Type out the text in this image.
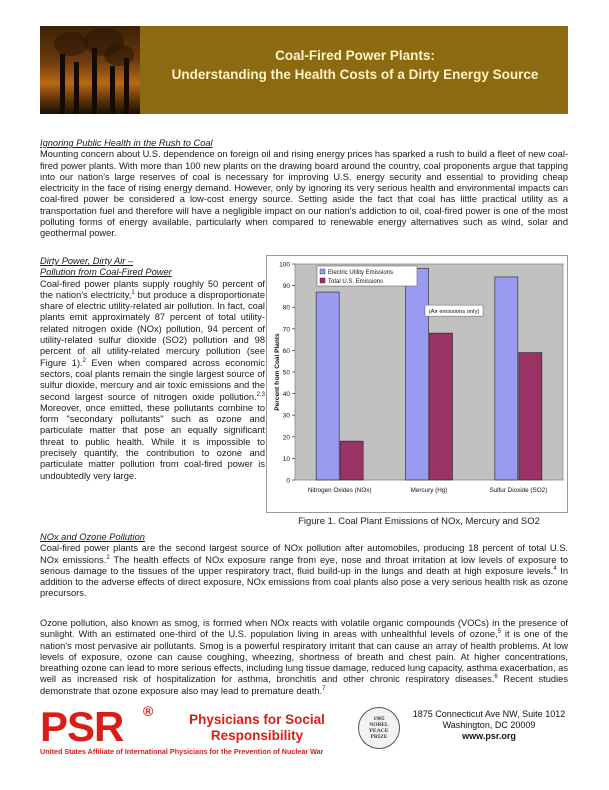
Coal-Fired Power Plants:
Understanding the Health Costs of a Dirty Energy Source
Ignoring Public Health in the Rush to Coal
Mounting concern about U.S. dependence on foreign oil and rising energy prices has sparked a rush to build a fleet of new coal-fired power plants. With more than 100 new plants on the drawing board around the country, coal proponents argue that tapping into our nation's large reserves of coal is necessary for improving U.S. energy security and essential to providing cheap electricity in the face of rising energy demand. However, only by ignoring its very serious health and environmental impacts can coal-fired power be considered a low-cost energy source. Setting aside the fact that coal has little practical utility as a transportation fuel and therefore will have a negligible impact on our nation's addiction to oil, coal-fired power is one of the most polluting forms of energy available, particularly when compared to renewable energy alternatives such as wind, solar and geothermal power.
Dirty Power, Dirty Air –
Pollution from Coal-Fired Power
Coal-fired power plants supply roughly 50 percent of the nation's electricity,$^1$ but produce a disproportionate share of electric utility-related air pollution. In fact, coal plants emit approximately 87 percent of total utility-related nitrogen oxide (NOx) pollution, 94 percent of utility-related sulfur dioxide (SO2) pollution and 98 percent of all utility-related mercury pollution (see Figure 1).$^2$ Even when compared across economic sectors, coal plants remain the single largest source of sulfur dioxide, mercury and air toxic emissions and the second largest source of nitrogen oxide pollution.$^{2,3}$ Moreover, once emitted, these pollutants combine to form "secondary pollutants" such as ozone and particulate matter that pose an equally significant threat to public health. While it is impossible to precisely quantify, the contribution to ozone and particulate matter pollution from coal-fired power is undoubtedly very large.
0
10
20
30
40
50
60
70
80
90
100
Percent from Coal Plants
Nitrogen Oxides (NOx)	Mercury (Hg)	Sulfur Dioxide (SO2)
Electric Utility Emissions
Total U.S. Emissions
(Air emissions only)
Figure 1. Coal Plant Emissions of NOx, Mercury and SO2
NOx and Ozone Pollution
Coal-fired power plants are the second largest source of NOx pollution after automobiles, producing 18 percent of total U.S. NOx emissions.$^2$ The health effects of NOx exposure range from eye, nose and throat irritation at low levels of exposure to serious damage to the tissues of the upper respiratory tract, fluid build-up in the lungs and death at high exposure levels.$^4$ In addition to the adverse effects of direct exposure, NOx emissions from coal plants also pose a very serious health risk as ozone precursors.
Ozone pollution, also known as smog, is formed when NOx reacts with volatile organic compounds (VOCs) in the presence of sunlight. With an estimated one-third of the U.S. population living in areas with unhealthful levels of ozone,$^5$ it is one of the nation's most pervasive air pollutants. Smog is a powerful respiratory irritant that can cause an array of health problems. At low levels of exposure, ozone can cause coughing, wheezing, shortness of breath and chest pain. At higher concentrations, breathing ozone can lead to more serious effects, including lung tissue damage, reduced lung capacity, asthma exacerbation, as well as increased risk of hospitalization for asthma, bronchitis and other chronic respiratory diseases.$^6$ Recent studies demonstrate that ozone exposure also may lead to premature death.$^7$
PSR ®
Physicians for Social
Responsibility
United States Affiliate of International Physicians for the Prevention of Nuclear War
1985
NOBEL
PEACE
PRIZE
1875 Connecticut Ave NW, Suite 1012
Washington, DC 20009
www.psr.org
